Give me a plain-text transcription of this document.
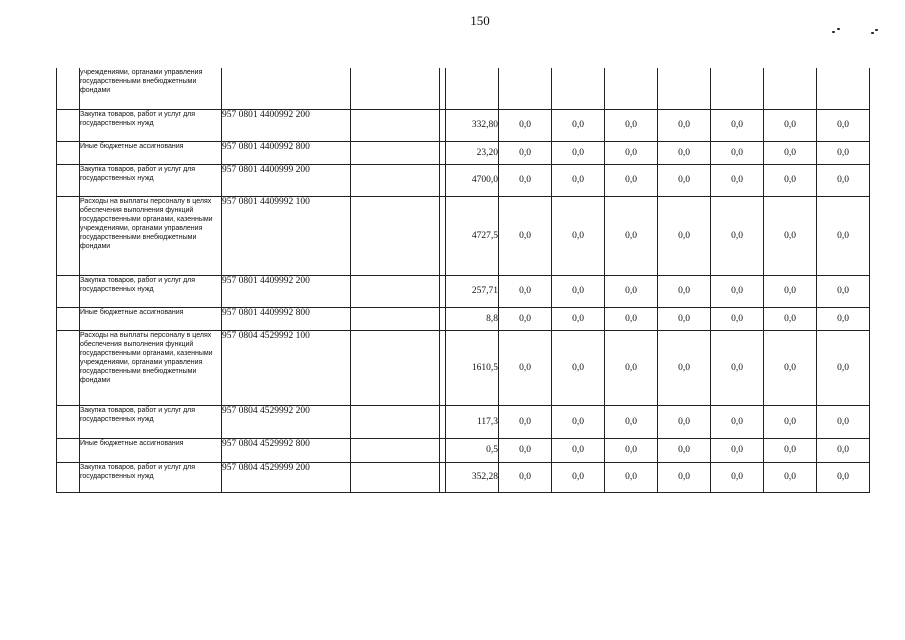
150
	учреждениями, органами управления государственными внебюджетными фондами											
	Закупка товаров, работ и услуг для государственных нужд	957 0801 4400992 200			332,80	0,0	0,0	0,0	0,0	0,0	0,0	0,0
	Иные бюджетные ассигнования	957 0801 4400992 800			23,20	0,0	0,0	0,0	0,0	0,0	0,0	0,0
	Закупка товаров, работ и услуг для государственных нужд	957 0801 4400999 200			4700,0	0,0	0,0	0,0	0,0	0,0	0,0	0,0
	Расходы на выплаты персоналу в целях обеспечения выполнения функций государственными органами, казенными учреждениями, органами управления государственными внебюджетными фондами	957 0801 4409992 100			4727,5	0,0	0,0	0,0	0,0	0,0	0,0	0,0
	Закупка товаров, работ и услуг для государственных нужд	957 0801 4409992 200			257,71	0,0	0,0	0,0	0,0	0,0	0,0	0,0
	Иные бюджетные ассигнования	957 0801 4409992 800			8,8	0,0	0,0	0,0	0,0	0,0	0,0	0,0
	Расходы на выплаты персоналу в целях обеспечения выполнения функций государственными органами, казенными учреждениями, органами управления государственными внебюджетными фондами	957 0804 4529992 100			1610,5	0,0	0,0	0,0	0,0	0,0	0,0	0,0
	Закупка товаров, работ и услуг для государственных нужд	957 0804 4529992 200			117,3	0,0	0,0	0,0	0,0	0,0	0,0	0,0
	Иные бюджетные ассигнования	957 0804 4529992 800			0,5	0,0	0,0	0,0	0,0	0,0	0,0	0,0
	Закупка товаров, работ и услуг для государственных нужд	957 0804 4529999 200			352,28	0,0	0,0	0,0	0,0	0,0	0,0	0,0
